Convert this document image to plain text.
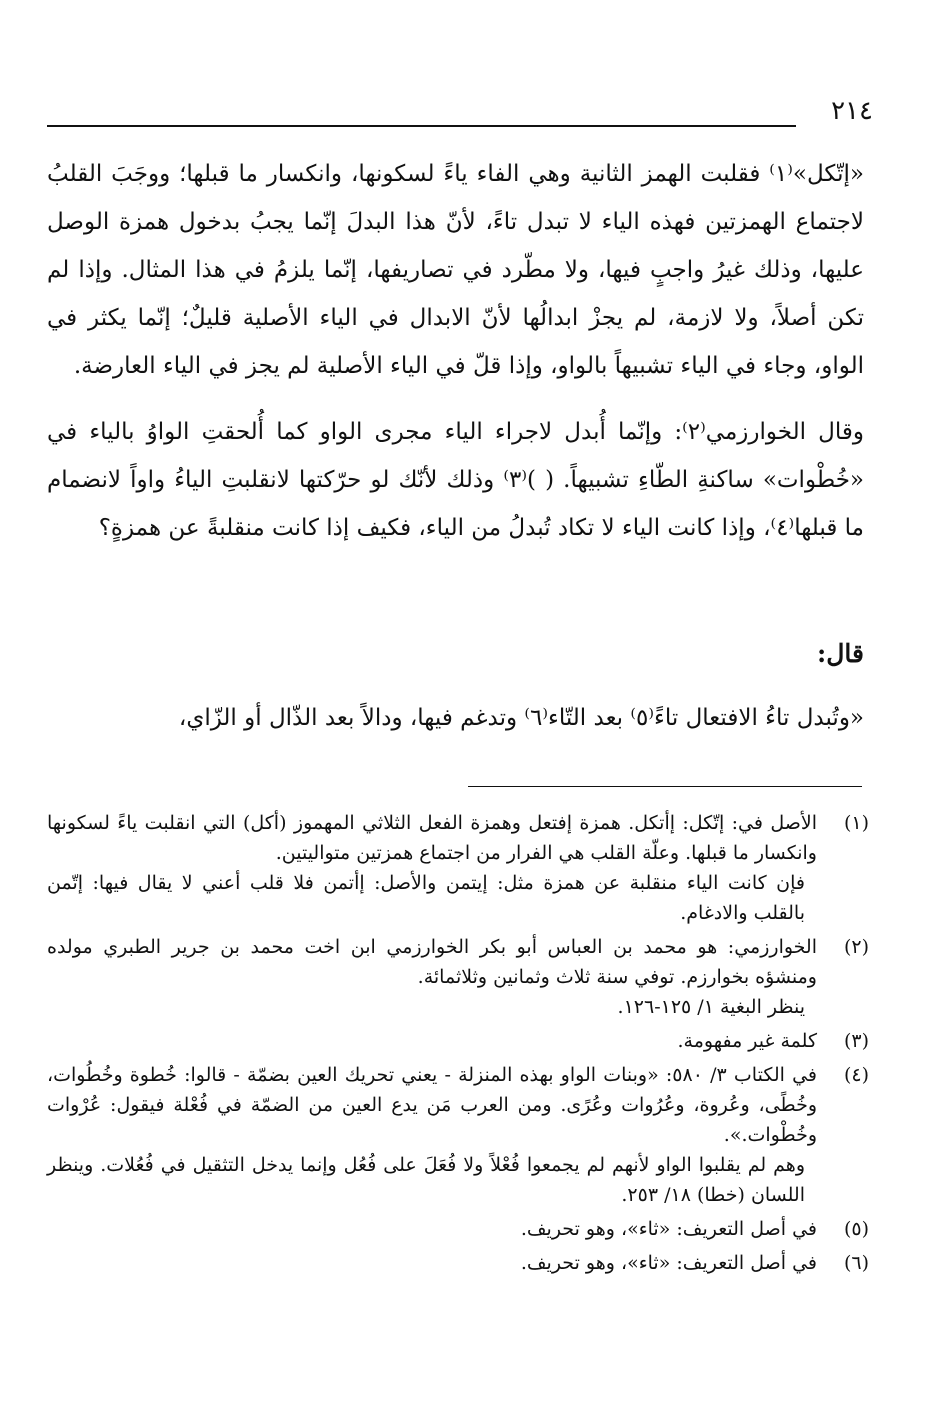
٢١٤

«إتّكل»⁽١⁾ فقلبت الهمز الثانية وهي الفاء ياءً لسكونها، وانكسار ما قبلها؛ ووجَبَ القلبُ لاجتماع الهمزتين فهذه الياء لا تبدل تاءً، لأنّ هذا البدلَ إنّما يجبُ بدخول همزة الوصل عليها، وذلك غيرُ واجبٍ فيها، ولا مطّرد في تصاريفها، إنّما يلزمُ في هذا المثال. وإذا لم تكن أصلاً، ولا لازمة، لم يجزْ ابدالُها لأنّ الابدال في الياء الأصلية قليلٌ؛ إنّما يكثر في الواو، وجاء في الياء تشبيهاً بالواو، وإذا قلّ في الياء الأصلية لم يجز في الياء العارضة.

وقال الخوارزمي⁽٢⁾: وإنّما أُبدل لاجراء الياء مجرى الواو كما أُلحقتِ الواوُ بالياء في «خُطْوات» ساكنةِ الطّاءِ تشبيهاً. ( )⁽٣⁾ وذلك لأنّك لو حرّكتها لانقلبتِ الياءُ واواً لانضمام ما قبلها⁽٤⁾، وإذا كانت الياء لا تكاد تُبدلُ من الياء، فكيف إذا كانت منقلبةً عن همزةٍ؟

قال:

«وتُبدل تاءُ الافتعال تاءً⁽٥⁾ بعد التّاء⁽٦⁾ وتدغم فيها، ودالاً بعد الذّال أو الزّاي،

(١)
الأصل في: إتّكل: إأتكل. همزة إفتعل وهمزة الفعل الثلاثي المهموز (أكل) التي انقلبت ياءً لسكونها وانكسار ما قبلها. وعلّة القلب هي الفرار من اجتماع همزتين متواليتين.
فإن كانت الياء منقلبة عن همزة مثل: إيتمن والأصل: إأتمن فلا قلب أعني لا يقال فيها: إتّمن بالقلب والادغام.
(٢)
الخوارزمي: هو محمد بن العباس أبو بكر الخوارزمي ابن اخت محمد بن جرير الطبري مولده ومنشؤه بخوارزم. توفي سنة ثلاث وثمانين وثلاثمائة.
ينظر البغية ١/ ١٢٥-١٢٦.
(٣)
كلمة غير مفهومة.
(٤)
في الكتاب ٣/ ٥٨٠: «وبنات الواو بهذه المنزلة - يعني تحريك العين بضمّة - قالوا: خُطوة وخُطُوات، وخُطًى، وعُروة، وعُرُوات وعُرًى. ومن العرب مَن يدع العين من الضمّة في فُعْلة فيقول: عُرْوات وخُطْوات.».
وهم لم يقلبوا الواو لأنهم لم يجمعوا فُعْلاً ولا فُعَلَ على فُعُل وإنما يدخل التثقيل في فُعُلات. وينظر اللسان (خطا) ١٨/ ٢٥٣.
(٥)
في أصل التعريف: «ثاء»، وهو تحريف.
(٦)
في أصل التعريف: «ثاء»، وهو تحريف.
